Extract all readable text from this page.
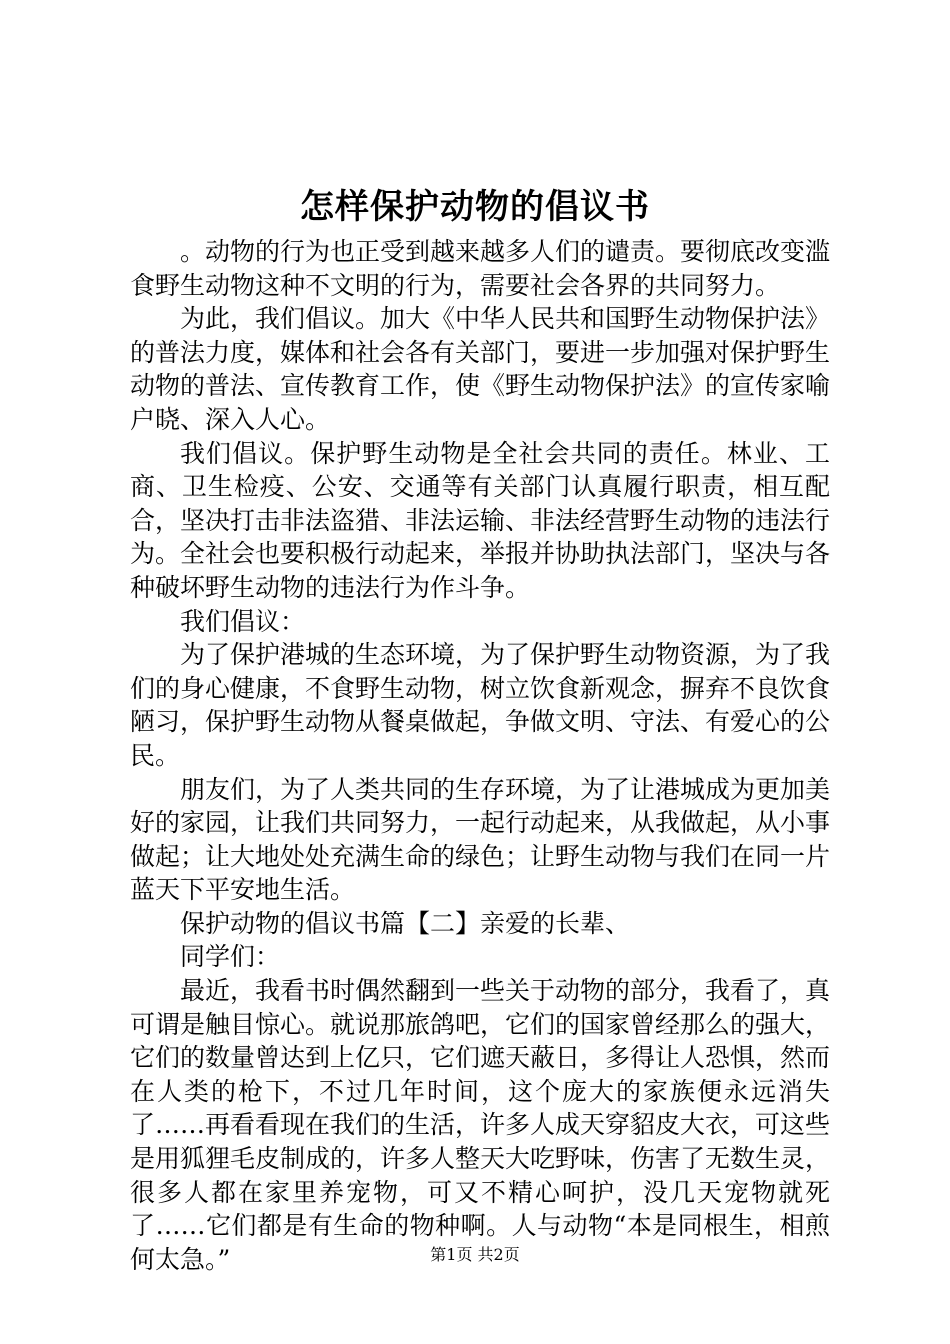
怎样保护动物的倡议书

。动物的行为也正受到越来越多人们的谴责。要彻底改变滥食野生动物这种不文明的行为，需要社会各界的共同努力。

为此，我们倡议。加大《中华人民共和国野生动物保护法》的普法力度，媒体和社会各有关部门，要进一步加强对保护野生动物的普法、宣传教育工作，使《野生动物保护法》的宣传家喻户晓、深入人心。

我们倡议。保护野生动物是全社会共同的责任。林业、工商、卫生检疫、公安、交通等有关部门认真履行职责，相互配合，坚决打击非法盗猎、非法运输、非法经营野生动物的违法行为。全社会也要积极行动起来，举报并协助执法部门，坚决与各种破坏野生动物的违法行为作斗争。

我们倡议：

为了保护港城的生态环境，为了保护野生动物资源，为了我们的身心健康，不食野生动物，树立饮食新观念，摒弃不良饮食陋习，保护野生动物从餐桌做起，争做文明、守法、有爱心的公民。

朋友们，为了人类共同的生存环境，为了让港城成为更加美好的家园，让我们共同努力，一起行动起来，从我做起，从小事做起；让大地处处充满生命的绿色；让野生动物与我们在同一片蓝天下平安地生活。

保护动物的倡议书篇【二】亲爱的长辈、

同学们：

最近，我看书时偶然翻到一些关于动物的部分，我看了，真可谓是触目惊心。就说那旅鸽吧，它们的国家曾经那么的强大，它们的数量曾达到上亿只，它们遮天蔽日，多得让人恐惧，然而在人类的枪下，不过几年时间，这个庞大的家族便永远消失了……再看看现在我们的生活，许多人成天穿貂皮大衣，可这些是用狐狸毛皮制成的，许多人整天大吃野味，伤害了无数生灵，很多人都在家里养宠物，可又不精心呵护，没几天宠物就死了……它们都是有生命的物种啊。人与动物“本是同根生，相煎何太急。”	第1页 共2页
